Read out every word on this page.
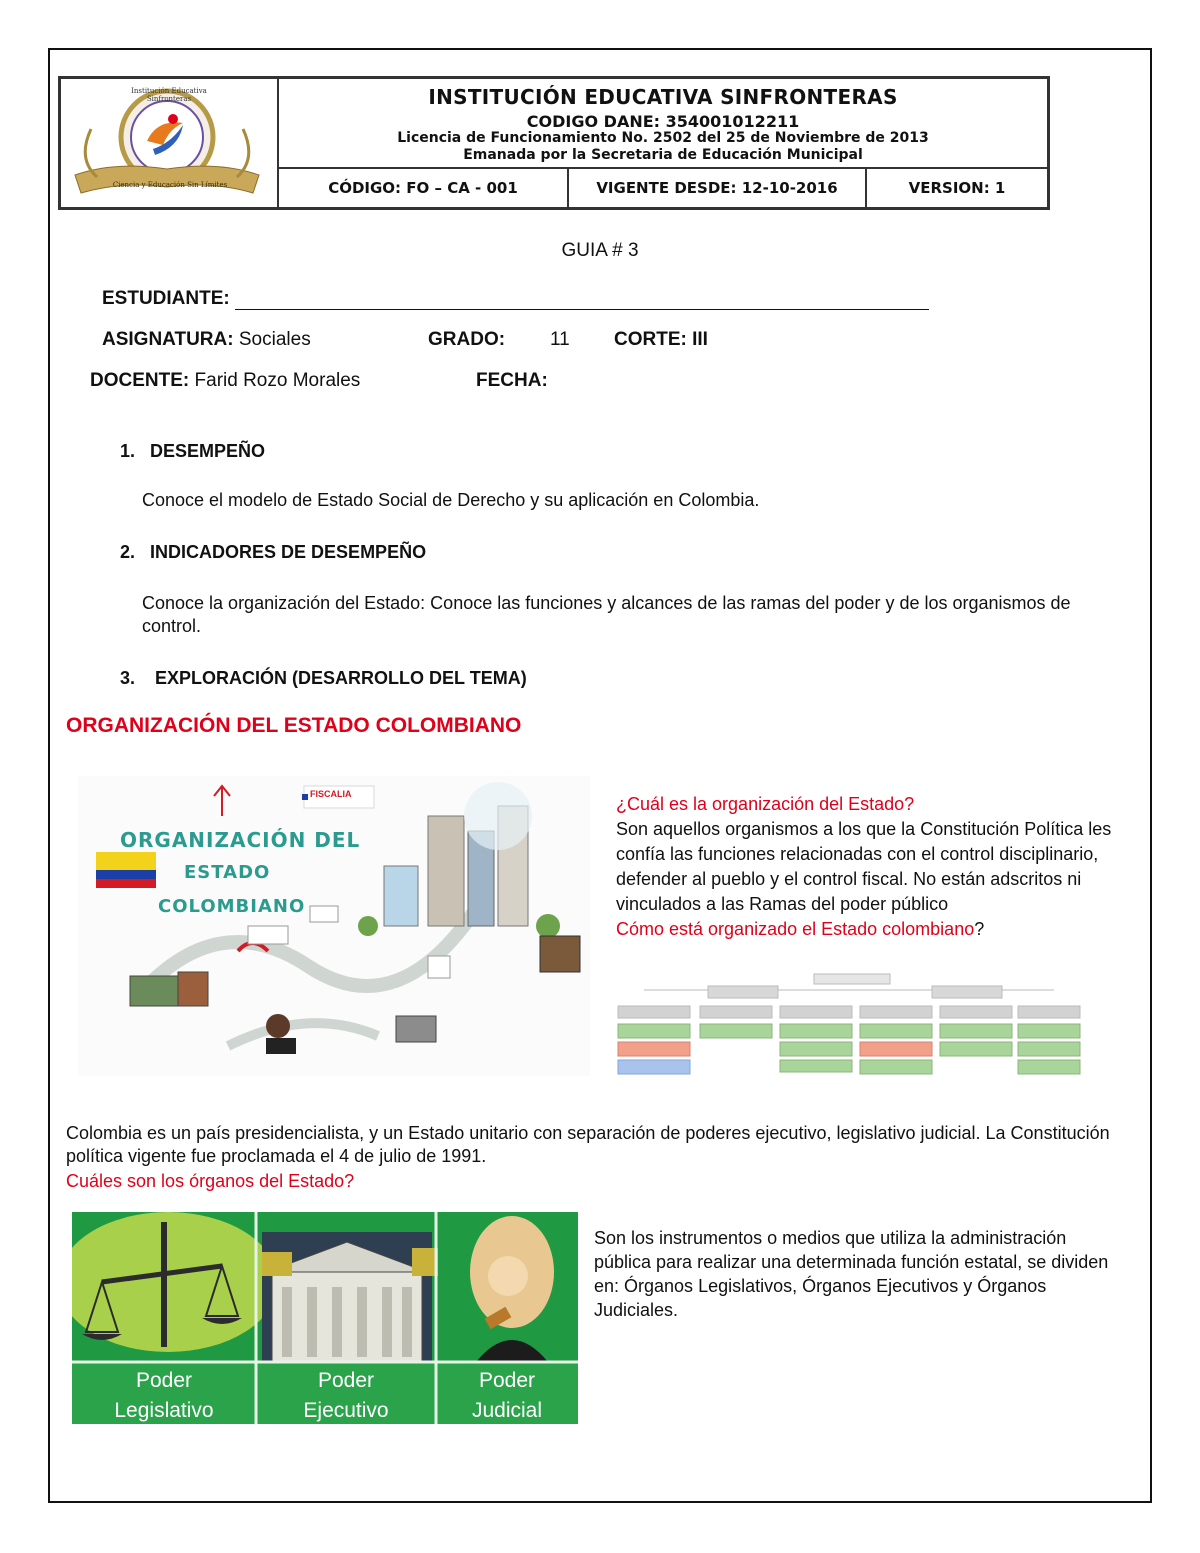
Ciencia y Educación Sin Límites
Institución Educativa Sinfronteras	INSTITUCIÓN EDUCATIVA SINFRONTERAS
CODIGO DANE: 354001012211
Licencia de Funcionamiento No. 2502 del 25 de Noviembre de 2013
Emanada por la Secretaria de Educación Municipal
CÓDIGO: FO – CA - 001	VIGENTE DESDE: 12-10-2016	VERSION: 1
GUIA # 3
ESTUDIANTE:
ASIGNATURA: Sociales	GRADO: 11 CORTE: III
DOCENTE: Farid Rozo Morales	FECHA:
1. DESEMPEÑO

Conoce el modelo de Estado Social de Derecho y su aplicación en Colombia.

2. INDICADORES DE DESEMPEÑO

Conoce la organización del Estado: Conoce las funciones y alcances de las ramas del poder y de los organismos de control.

3. EXPLORACIÓN (DESARROLLO DEL TEMA)
ORGANIZACIÓN DEL ESTADO COLOMBIANO
FISCALIA
ORGANIZACIÓN DEL
ESTADO
COLOMBIANO
¿Cuál es la organización del Estado?
Son aquellos organismos a los que la Constitución Política les confía las funciones relacionadas con el control disciplinario, defender al pueblo y el control fiscal. No están adscritos ni vinculados a las Ramas del poder público
Cómo está organizado el Estado colombiano?

Colombia es un país presidencialista, y un Estado unitario con separación de poderes ejecutivo, legislativo judicial. La Constitución política vigente fue proclamada el 4 de julio de 1991.

Cuáles son los órganos del Estado?
Poder
Legislativo
Poder
Ejecutivo
Poder
Judicial

Son los instrumentos o medios que utiliza la administración pública para realizar una determinada función estatal, se dividen en: Órganos Legislativos, Órganos Ejecutivos y Órganos Judiciales.
